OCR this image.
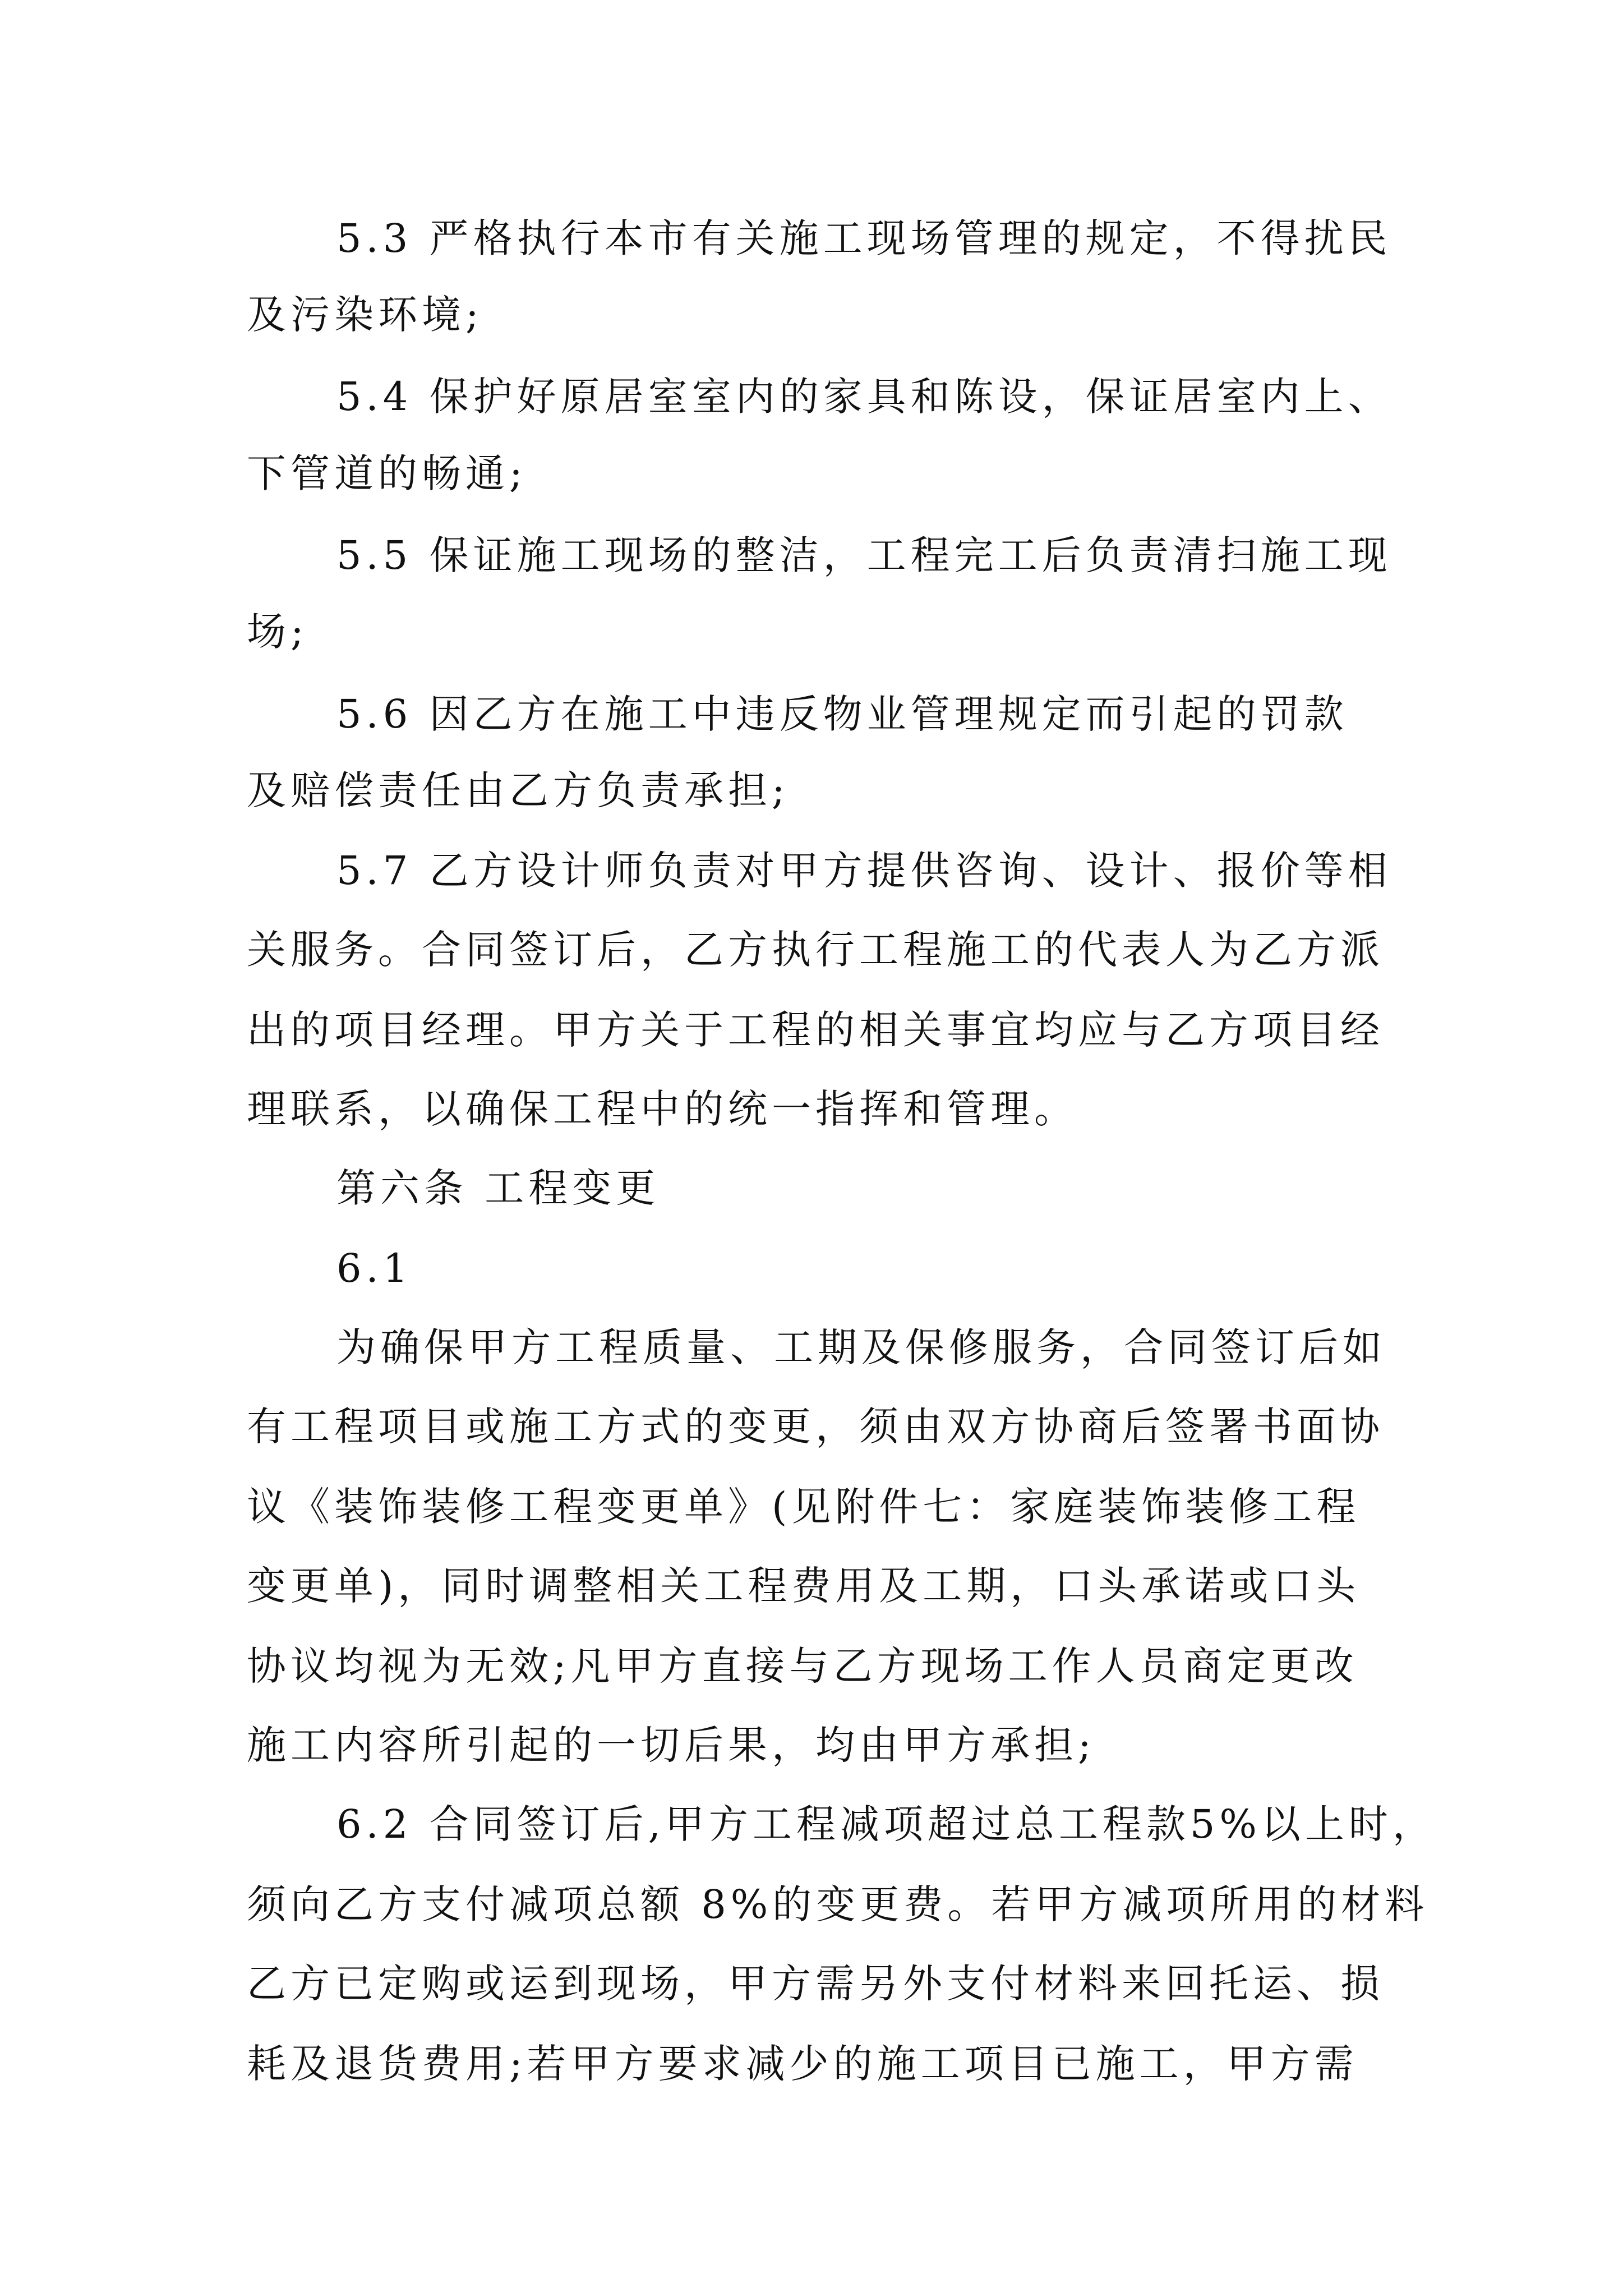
5.3 严格执行本市有关施工现场管理的规定，不得扰民

及污染环境;

5.4 保护好原居室室内的家具和陈设，保证居室内上、

下管道的畅通;

5.5 保证施工现场的整洁，工程完工后负责清扫施工现

场;

5.6 因乙方在施工中违反物业管理规定而引起的罚款

及赔偿责任由乙方负责承担;

5.7 乙方设计师负责对甲方提供咨询、设计、报价等相

关服务。合同签订后，乙方执行工程施工的代表人为乙方派

出的项目经理。甲方关于工程的相关事宜均应与乙方项目经

理联系，以确保工程中的统一指挥和管理。

第六条 工程变更

6.1

为确保甲方工程质量、工期及保修服务，合同签订后如

有工程项目或施工方式的变更，须由双方协商后签署书面协

议《装饰装修工程变更单》(见附件七：家庭装饰装修工程

变更单)，同时调整相关工程费用及工期，口头承诺或口头

协议均视为无效;凡甲方直接与乙方现场工作人员商定更改

施工内容所引起的一切后果，均由甲方承担;

6.2 合同签订后,甲方工程减项超过总工程款5%以上时，

须向乙方支付减项总额 8%的变更费。若甲方减项所用的材料

乙方已定购或运到现场，甲方需另外支付材料来回托运、损

耗及退货费用;若甲方要求减少的施工项目已施工，甲方需
